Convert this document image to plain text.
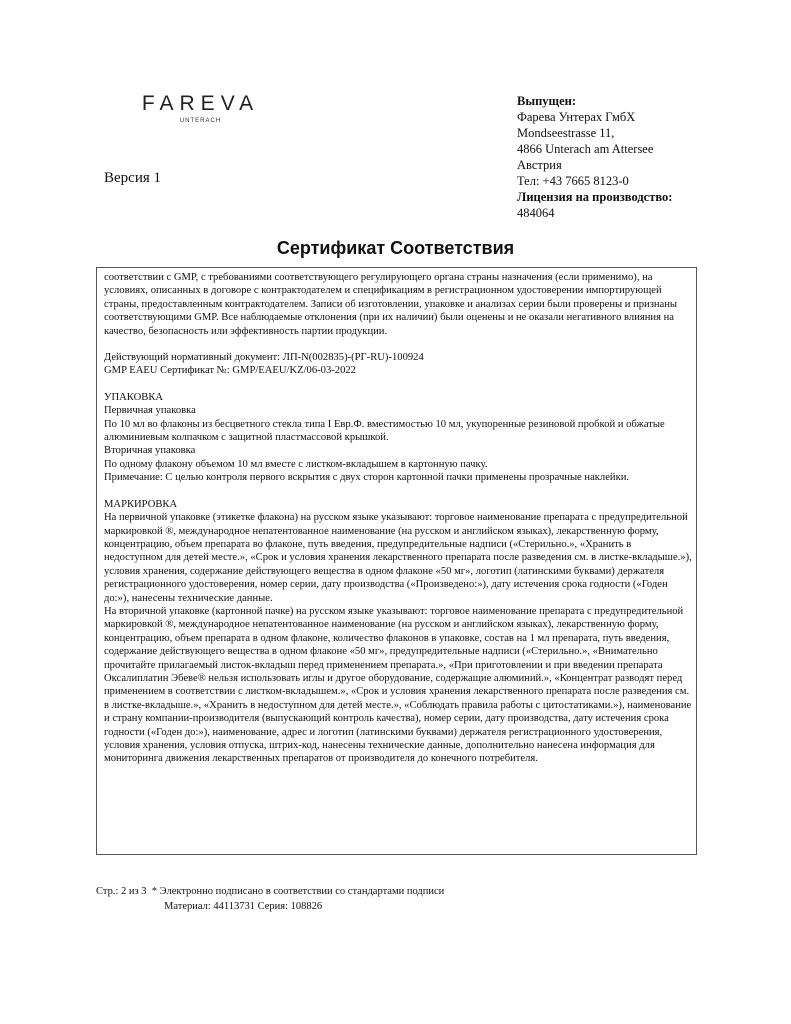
FAREVA
UNTERACH
Версия 1
Выпущен:
Фарева Унтерах ГмбХ
Mondseestrasse 11,
4866 Unterach am Attersee
Австрия
Тел: +43 7665 8123-0
Лицензия на производство:
484064
Сертификат Соответствия

соответствии с GMP, с требованиями соответствующего регулирующего органа страны назначения (если применимо), на условиях, описанных в договоре с контрактодателем и спецификациям в регистрационном удостоверении импортирующей страны, предоставленным контрактодателем. Записи об изготовлении, упаковке и анализах серии были проверены и признаны соответствующими GMP. Все наблюдаемые отклонения (при их наличии) были оценены и не оказали негативного влияния на качество, безопасность или эффективность партии продукции.

Действующий нормативный документ: ЛП-N(002835)-(РГ-RU)-100924

GMP EAEU Сертификат №: GMP/EAEU/KZ/06-03-2022

УПАКОВКА

Первичная упаковка

По 10 мл во флаконы из бесцветного стекла типа I Евр.Ф. вместимостью 10 мл, укупоренные резиновой пробкой и обжатые алюминиевым колпачком с защитной пластмассовой крышкой.

Вторичная упаковка

По одному флакону объемом 10 мл вместе с листком-вкладышем в картонную пачку.

Примечание: С целью контроля первого вскрытия с двух сторон картонной пачки применены прозрачные наклейки.

МАРКИРОВКА

На первичной упаковке (этикетке флакона) на русском языке указывают: торговое наименование препарата с предупредительной маркировкой ®, международное непатентованное наименование (на русском и английском языках), лекарственную форму, концентрацию, объем препарата во флаконе, путь введения, предупредительные надписи («Стерильно.», «Хранить в недоступном для детей месте.», «Срок и условия хранения лекарственного препарата после разведения см. в листке-вкладыше.»), условия хранения, содержание действующего вещества в одном флаконе «50 мг», логотип (латинскими буквами) держателя регистрационного удостоверения, номер серии, дату производства («Произведено:»), дату истечения срока годности («Годен до:»), нанесены технические данные.

На вторичной упаковке (картонной пачке) на русском языке указывают: торговое наименование препарата с предупредительной маркировкой ®, международное непатентованное наименование (на русском и английском языках), лекарственную форму, концентрацию, объем препарата в одном флаконе, количество флаконов в упаковке, состав на 1 мл препарата, путь введения, содержание действующего вещества в одном флаконе «50 мг», предупредительные надписи («Стерильно.», «Внимательно прочитайте прилагаемый листок-вкладыш перед применением препарата.», «При приготовлении и при введении препарата Оксалиплатин Эбеве® нельзя использовать иглы и другое оборудование, содержащие алюминий.», «Концентрат разводят перед применением в соответствии с листком-вкладышем.», «Срок и условия хранения лекарственного препарата после разведения см. в листке-вкладыше.», «Хранить в недоступном для детей месте.», «Соблюдать правила работы с цитостатиками.»), наименование и страну компании-производителя (выпускающий контроль качества), номер серии, дату производства, дату истечения срока годности («Годен до:»), наименование, адрес и логотип (латинскими буквами) держателя регистрационного удостоверения, условия хранения, условия отпуска, штрих-код, нанесены технические данные, дополнительно нанесена информация для мониторинга движения лекарственных препаратов от производителя до конечного потребителя.

Стр.: 2 из 3 * Электронно подписано в соответствии со стандартами подписи
Материал: 44113731 Серия: 108826
